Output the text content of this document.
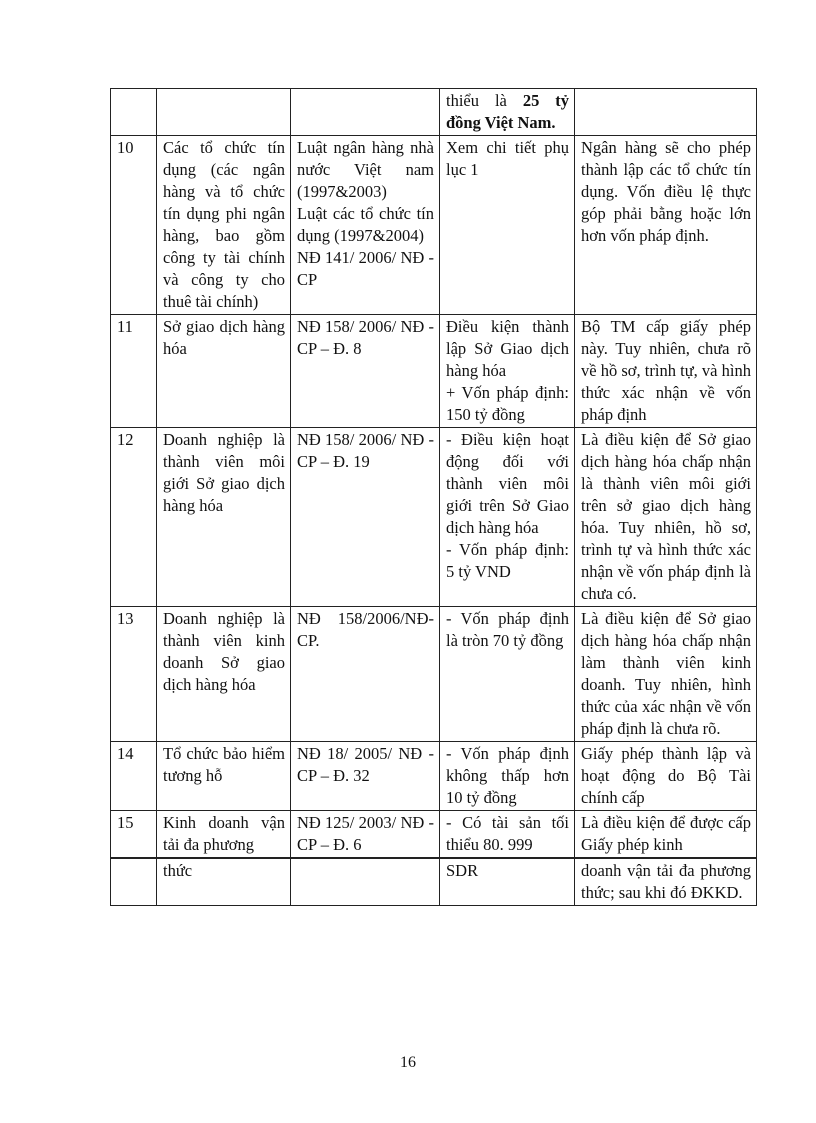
			thiểu là 25 tỷ đồng Việt Nam.	
10	Các tổ chức tín dụng (các ngân hàng và tổ chức tín dụng phi ngân hàng, bao gồm công ty tài chính và công ty cho thuê tài chính)	Luật ngân hàng nhà nước Việt nam (1997&2003)
Luật các tổ chức tín dụng (1997&2004)
NĐ 141/ 2006/ NĐ - CP	Xem chi tiết phụ lục 1	Ngân hàng sẽ cho phép thành lập các tổ chức tín dụng. Vốn điều lệ thực góp phải bằng hoặc lớn hơn vốn pháp định.
11	Sở giao dịch hàng hóa	NĐ 158/ 2006/ NĐ - CP – Đ. 8	Điều kiện thành lập Sở Giao dịch hàng hóa
+ Vốn pháp định: 150 tỷ đồng	Bộ TM cấp giấy phép này. Tuy nhiên, chưa rõ về hồ sơ, trình tự, và hình thức xác nhận về vốn pháp định
12	Doanh nghiệp là thành viên môi giới Sở giao dịch hàng hóa	NĐ 158/ 2006/ NĐ - CP – Đ. 19	- Điều kiện hoạt động đối với thành viên môi giới trên Sở Giao dịch hàng hóa
- Vốn pháp định: 5 tỷ VND	Là điều kiện để Sở giao dịch hàng hóa chấp nhận là thành viên môi giới trên sở giao dịch hàng hóa. Tuy nhiên, hồ sơ, trình tự và hình thức xác nhận về vốn pháp định là chưa có.
13	Doanh nghiệp là thành viên kinh doanh Sở giao dịch hàng hóa	NĐ 158/2006/NĐ-CP.	- Vốn pháp định là tròn 70 tỷ đồng	Là điều kiện để Sở giao dịch hàng hóa chấp nhận làm thành viên kinh doanh. Tuy nhiên, hình thức của xác nhận về vốn pháp định là chưa rõ.
14	Tổ chức bảo hiểm tương hỗ	NĐ 18/ 2005/ NĐ - CP – Đ. 32	- Vốn pháp định không thấp hơn 10 tỷ đồng	Giấy phép thành lập và hoạt động do Bộ Tài chính cấp
15	Kinh doanh vận tải đa phương	NĐ 125/ 2003/ NĐ - CP – Đ. 6	- Có tài sản tối thiểu 80. 999	Là điều kiện để được cấp Giấy phép kinh
	thức		SDR	doanh vận tải đa phương thức; sau khi đó ĐKKD.
16
